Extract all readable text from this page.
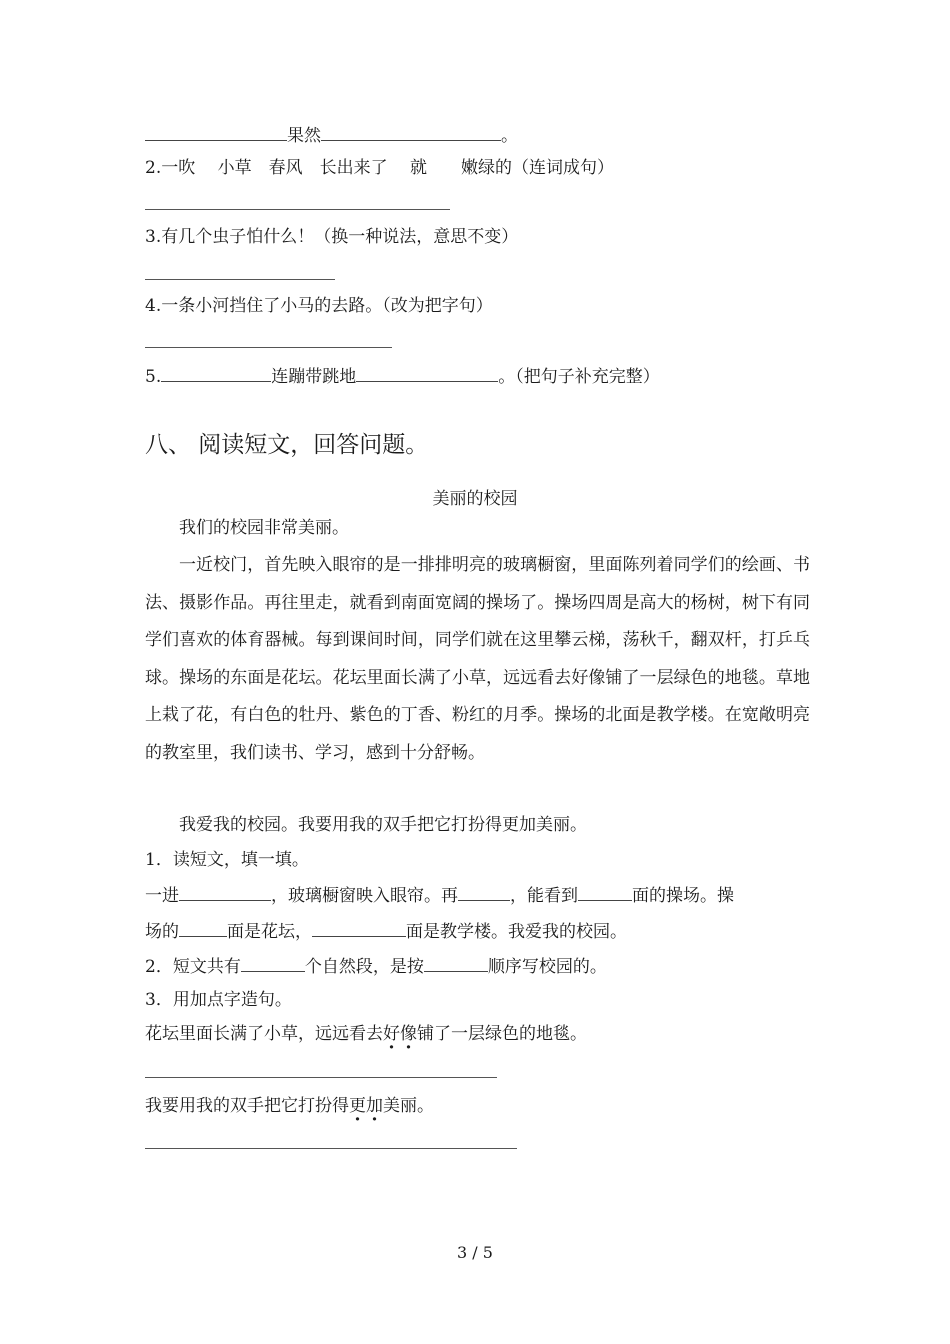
果然	。
2.一吹　 小草　春风　长出来了　 就　　嫩绿的（连词成句）
3.有几个虫子怕什么！（换一种说法，意思不变）
4.一条小河挡住了小马的去路。（改为把字句）
5.	连蹦带跳地	。（把句子补充完整）
八、 阅读短文，回答问题。
美丽的校园
我们的校园非常美丽。
一近校门，首先映入眼帘的是一排排明亮的玻璃橱窗，里面陈列着同学们的绘画、书法、摄影作品。再往里走，就看到南面宽阔的操场了。操场四周是高大的杨树，树下有同学们喜欢的体育器械。每到课间时间，同学们就在这里攀云梯，荡秋千，翻双杆，打乒乓球。操场的东面是花坛。花坛里面长满了小草，远远看去好像铺了一层绿色的地毯。草地上栽了花，有白色的牡丹、紫色的丁香、粉红的月季。操场的北面是教学楼。在宽敞明亮的教室里，我们读书、学习，感到十分舒畅。
我爱我的校园。我要用我的双手把它打扮得更加美丽。
1．读短文，填一填。
一进	，玻璃橱窗映入眼帘。再	，能看到	面的操场。操
场的	面是花坛，	面是教学楼。我爱我的校园。
2．短文共有	个自然段，是按	顺序写校园的。
3．用加点字造句。
花坛里面长满了小草，远远看去好像铺了一层绿色的地毯。
我要用我的双手把它打扮得更加美丽。
3 / 5
